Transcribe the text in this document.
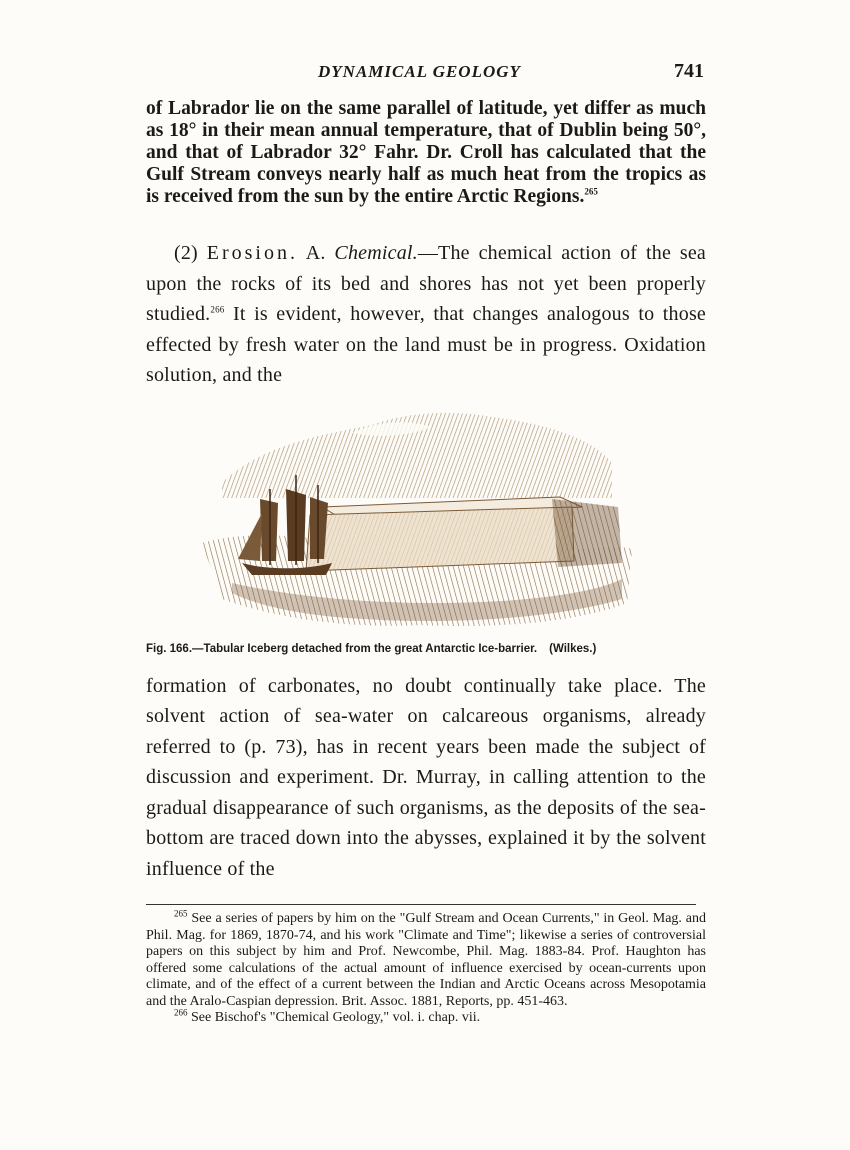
DYNAMICAL GEOLOGY	741

of Labrador lie on the same parallel of latitude, yet differ as much as 18° in their mean annual temperature, that of Dublin being 50°, and that of Labrador 32° Fahr. Dr. Croll has calculated that the Gulf Stream conveys nearly half as much heat from the tropics as is received from the sun by the entire Arctic Regions.$^{265}$

(2) Erosion. A. Chemical.—The chemical action of the sea upon the rocks of its bed and shores has not yet been properly studied.$^{266}$ It is evident, however, that changes analogous to those effected by fresh water on the land must be in progress. Oxidation solution, and the

Fig. 166.—Tabular Iceberg detached from the great Antarctic Ice-barrier. (Wilkes.)

formation of carbonates, no doubt continually take place. The solvent action of sea-water on calcareous organisms, already referred to (p. 73), has in recent years been made the subject of discussion and experiment. Dr. Murray, in calling attention to the gradual disappearance of such organisms, as the deposits of the sea-bottom are traced down into the abysses, explained it by the solvent influence of the

$^{265}$ See a series of papers by him on the "Gulf Stream and Ocean Currents," in Geol. Mag. and Phil. Mag. for 1869, 1870-74, and his work "Climate and Time"; likewise a series of controversial papers on this subject by him and Prof. Newcombe, Phil. Mag. 1883-84. Prof. Haughton has offered some calculations of the actual amount of influence exercised by ocean-currents upon climate, and of the effect of a current between the Indian and Arctic Oceans across Mesopotamia and the Aralo-Caspian depression. Brit. Assoc. 1881, Reports, pp. 451-463.

$^{266}$ See Bischof's "Chemical Geology," vol. i. chap. vii.
